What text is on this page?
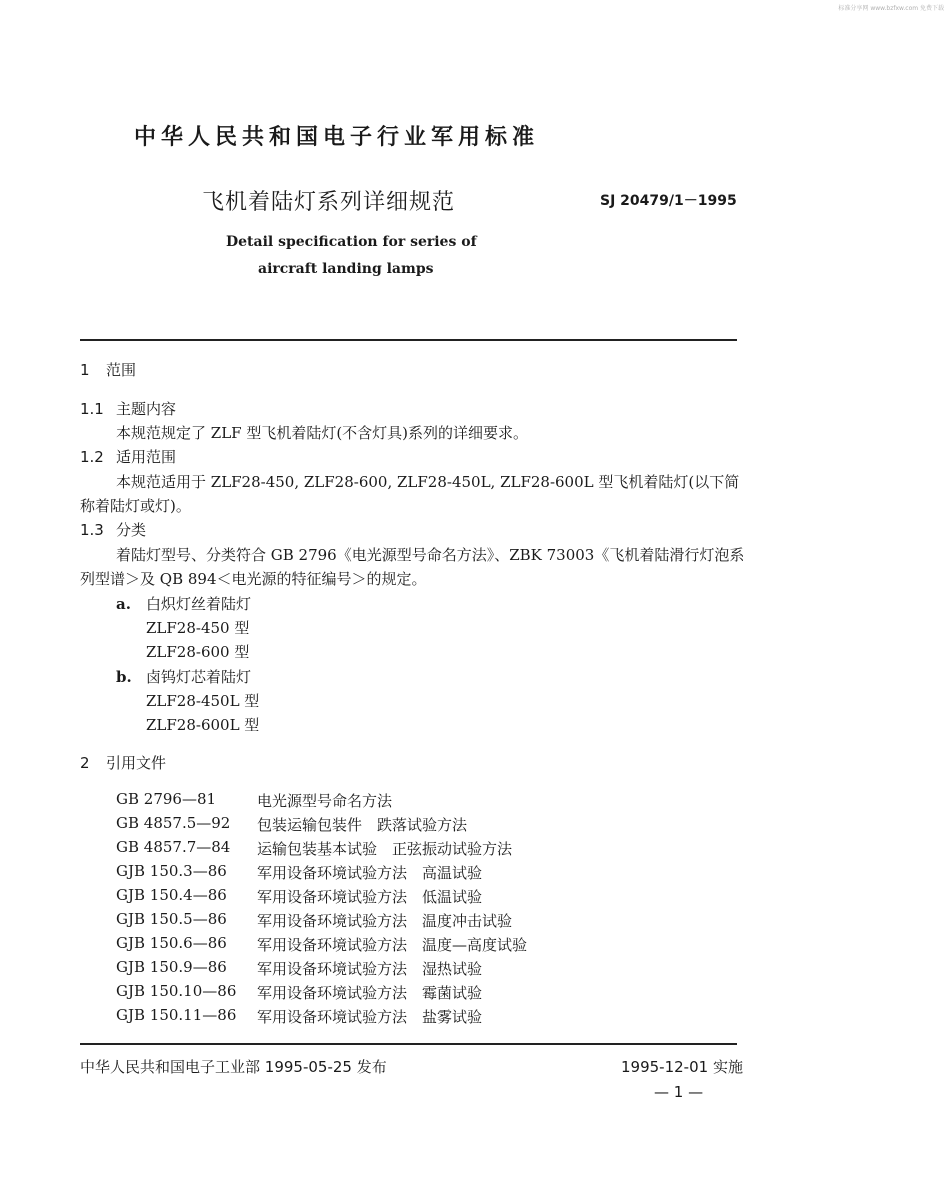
标准分享网 www.bzfxw.com 免费下载
中华人民共和国电子行业军用标准
飞机着陆灯系列详细规范	SJ 20479/1－1995
Detail specification for series of
aircraft landing lamps
1 范围
1.1 主题内容
本规范规定了 ZLF 型飞机着陆灯(不含灯具)系列的详细要求。
1.2 适用范围
本规范适用于 ZLF28-450, ZLF28-600, ZLF28-450L, ZLF28-600L 型飞机着陆灯(以下简
称着陆灯或灯)。
1.3 分类
着陆灯型号、分类符合 GB 2796《电光源型号命名方法》、ZBK 73003《飞机着陆滑行灯泡系
列型谱＞及 QB 894＜电光源的特征编号＞的规定。
a. 白炽灯丝着陆灯
ZLF28-450 型
ZLF28-600 型
b. 卤钨灯芯着陆灯
ZLF28-450L 型
ZLF28-600L 型
2 引用文件
GB 2796—81	电光源型号命名方法
GB 4857.5—92 包装运输包装件　跌落试验方法
GB 4857.7—84 运输包装基本试验　正弦振动试验方法
GJB 150.3—86 军用设备环境试验方法　高温试验
GJB 150.4—86 军用设备环境试验方法　低温试验
GJB 150.5—86 军用设备环境试验方法　温度冲击试验
GJB 150.6—86 军用设备环境试验方法　温度—高度试验
GJB 150.9—86 军用设备环境试验方法　湿热试验
GJB 150.10—86 军用设备环境试验方法　霉菌试验
GJB 150.11—86 军用设备环境试验方法　盐雾试验
中华人民共和国电子工业部 1995-05-25 发布	1995-12-01 实施
— 1 —
